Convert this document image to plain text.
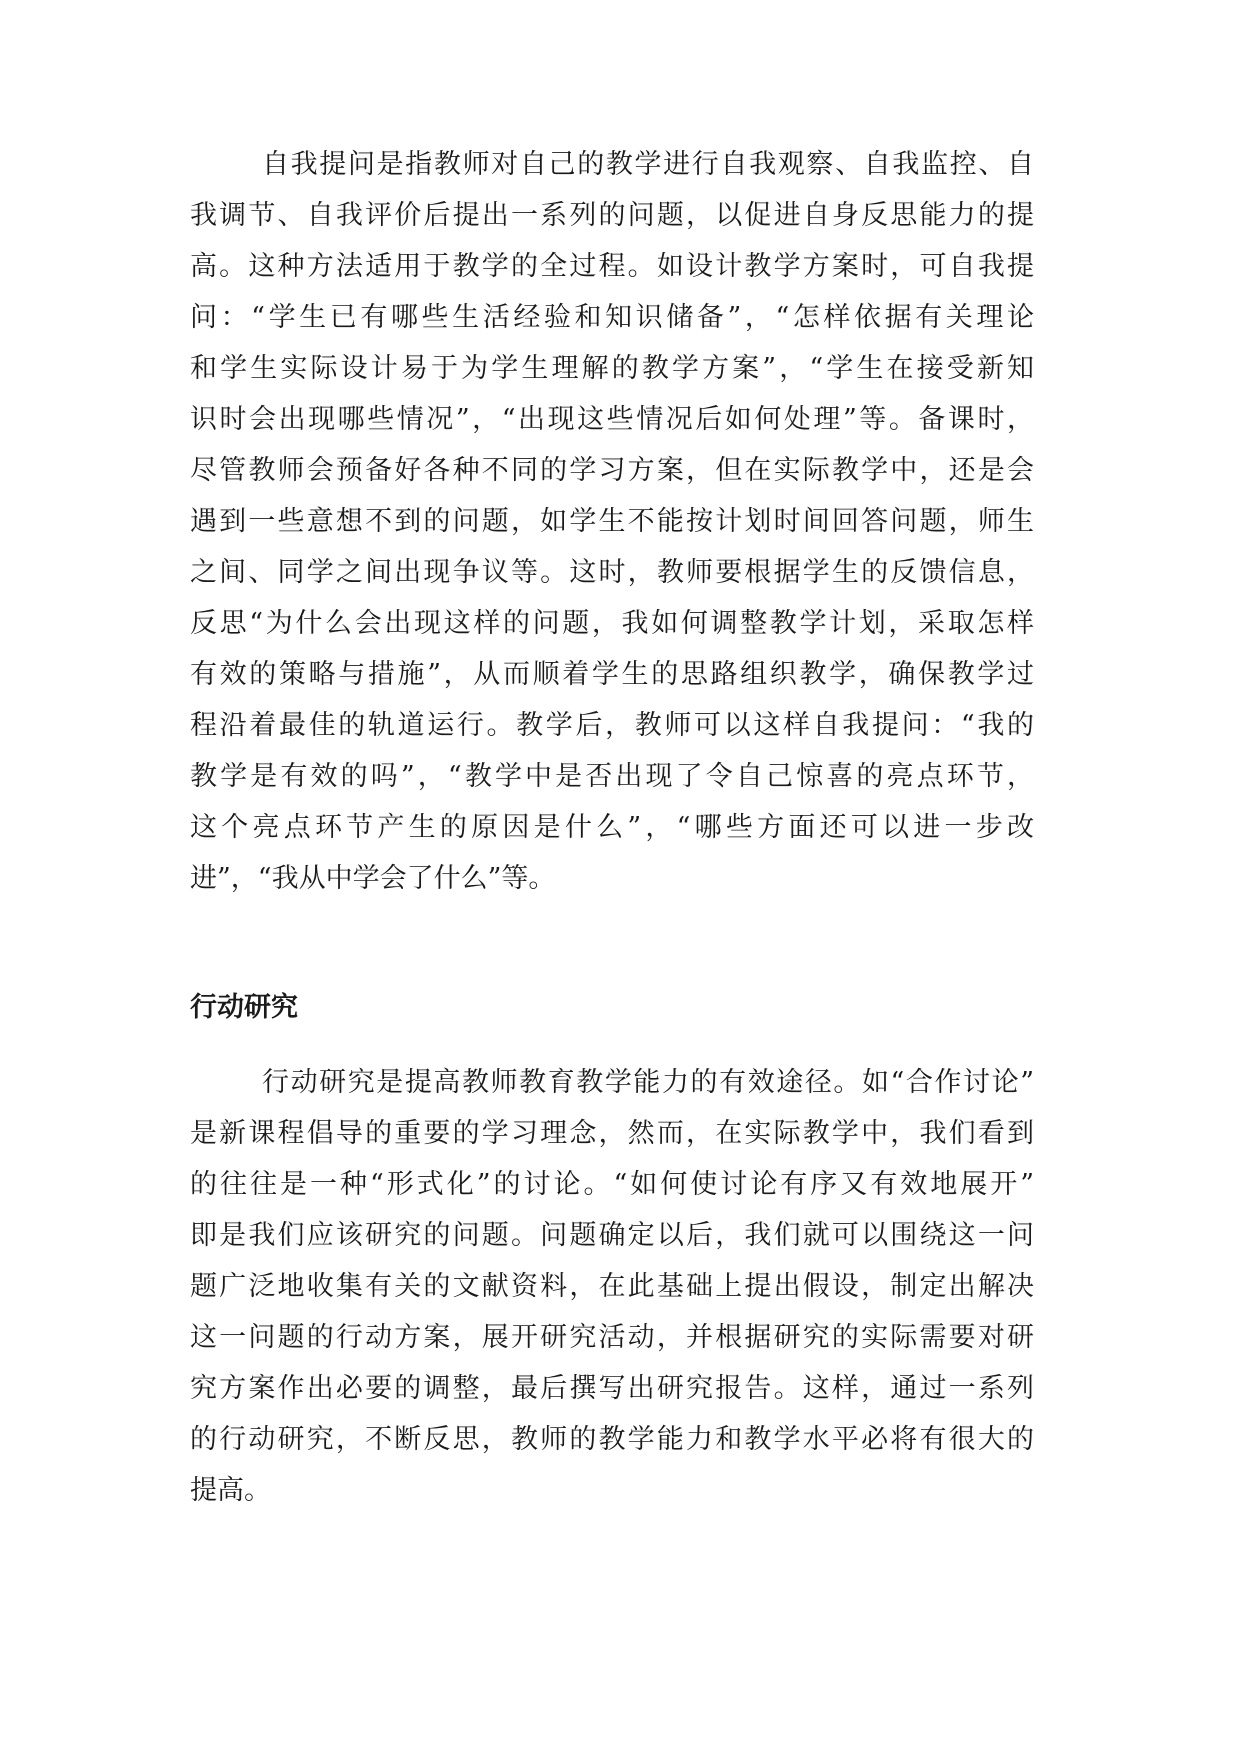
自我提问是指教师对自己的教学进行自我观察、自我监控、自
我调节、自我评价后提出一系列的问题，以促进自身反思能力的提
高。这种方法适用于教学的全过程。如设计教学方案时，可自我提
问：“学生已有哪些生活经验和知识储备”，“怎样依据有关理论
和学生实际设计易于为学生理解的教学方案”，“学生在接受新知
识时会出现哪些情况”，“出现这些情况后如何处理”等。备课时，
尽管教师会预备好各种不同的学习方案，但在实际教学中，还是会
遇到一些意想不到的问题，如学生不能按计划时间回答问题，师生
之间、同学之间出现争议等。这时，教师要根据学生的反馈信息，
反思“为什么会出现这样的问题，我如何调整教学计划，采取怎样
有效的策略与措施”，从而顺着学生的思路组织教学，确保教学过
程沿着最佳的轨道运行。教学后，教师可以这样自我提问：“我的
教学是有效的吗”，“教学中是否出现了令自己惊喜的亮点环节，
这个亮点环节产生的原因是什么”，“哪些方面还可以进一步改
进”，“我从中学会了什么”等。
行动研究
行动研究是提高教师教育教学能力的有效途径。如“合作讨论”
是新课程倡导的重要的学习理念，然而，在实际教学中，我们看到
的往往是一种“形式化”的讨论。“如何使讨论有序又有效地展开”
即是我们应该研究的问题。问题确定以后，我们就可以围绕这一问
题广泛地收集有关的文献资料，在此基础上提出假设，制定出解决
这一问题的行动方案，展开研究活动，并根据研究的实际需要对研
究方案作出必要的调整，最后撰写出研究报告。这样，通过一系列
的行动研究，不断反思，教师的教学能力和教学水平必将有很大的
提高。
